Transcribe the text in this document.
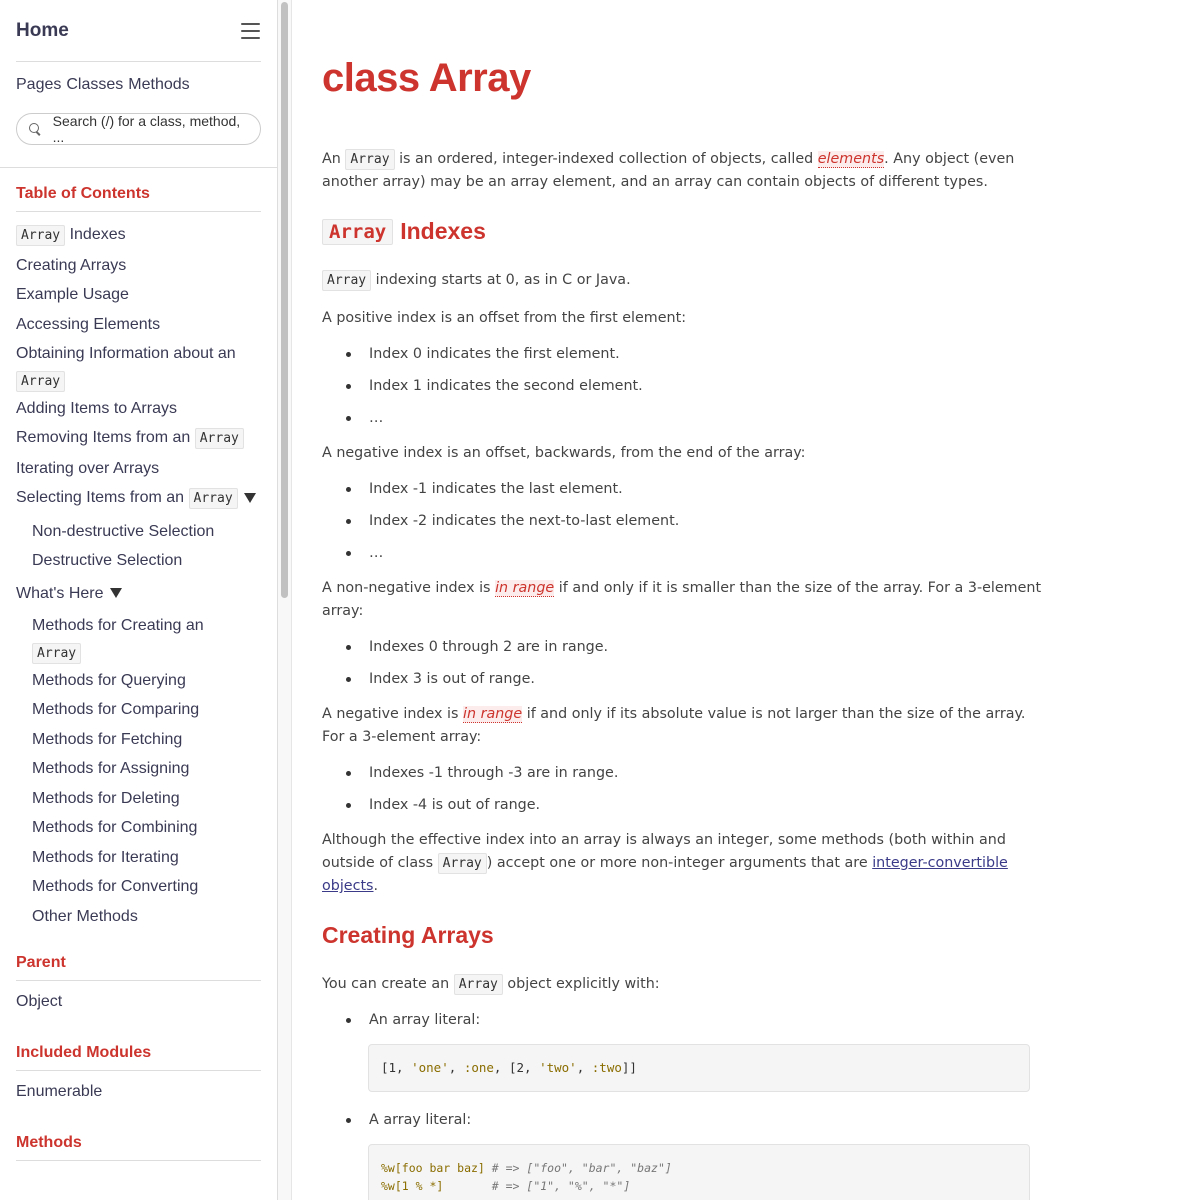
Home
Pages Classes Methods
Search (/) for a class, method, ...
Table of Contents
Array Indexes
Creating Arrays
Example Usage
Accessing Elements
Obtaining Information about an
Array
Adding Items to Arrays
Removing Items from an Array
Iterating over Arrays
Selecting Items from an Array
Non-destructive Selection
Destructive Selection
What's Here
Methods for Creating an
Array
Methods for Querying
Methods for Comparing
Methods for Fetching
Methods for Assigning
Methods for Deleting
Methods for Combining
Methods for Iterating
Methods for Converting
Other Methods
Parent
Object
Included Modules
Enumerable
Methods
class Array

An Array is an ordered, integer-indexed collection of objects, called elements. Any object (even another array) may be an array element, and an array can contain objects of different types.

Array Indexes

Array indexing starts at 0, as in C or Java.

A positive index is an offset from the first element:

Index 0 indicates the first element.
Index 1 indicates the second element.
…

A negative index is an offset, backwards, from the end of the array:

Index -1 indicates the last element.
Index -2 indicates the next-to-last element.
…

A non-negative index is in range if and only if it is smaller than the size of the array. For a 3-element array:

Indexes 0 through 2 are in range.
Index 3 is out of range.

A negative index is in range if and only if its absolute value is not larger than the size of the array. For a 3-element array:

Indexes -1 through -3 are in range.
Index -4 is out of range.

Although the effective index into an array is always an integer, some methods (both within and outside of class Array ) accept one or more non-integer arguments that are integer-convertible objects.

Creating Arrays

You can create an Array object explicitly with:

An array literal:
[1, 'one', :one, [2, 'two', :two]]
A array literal:
%w[foo bar baz] # => ["foo", "bar", "baz"]
%w[1 % *]       # => ["1", "%", "*"]
